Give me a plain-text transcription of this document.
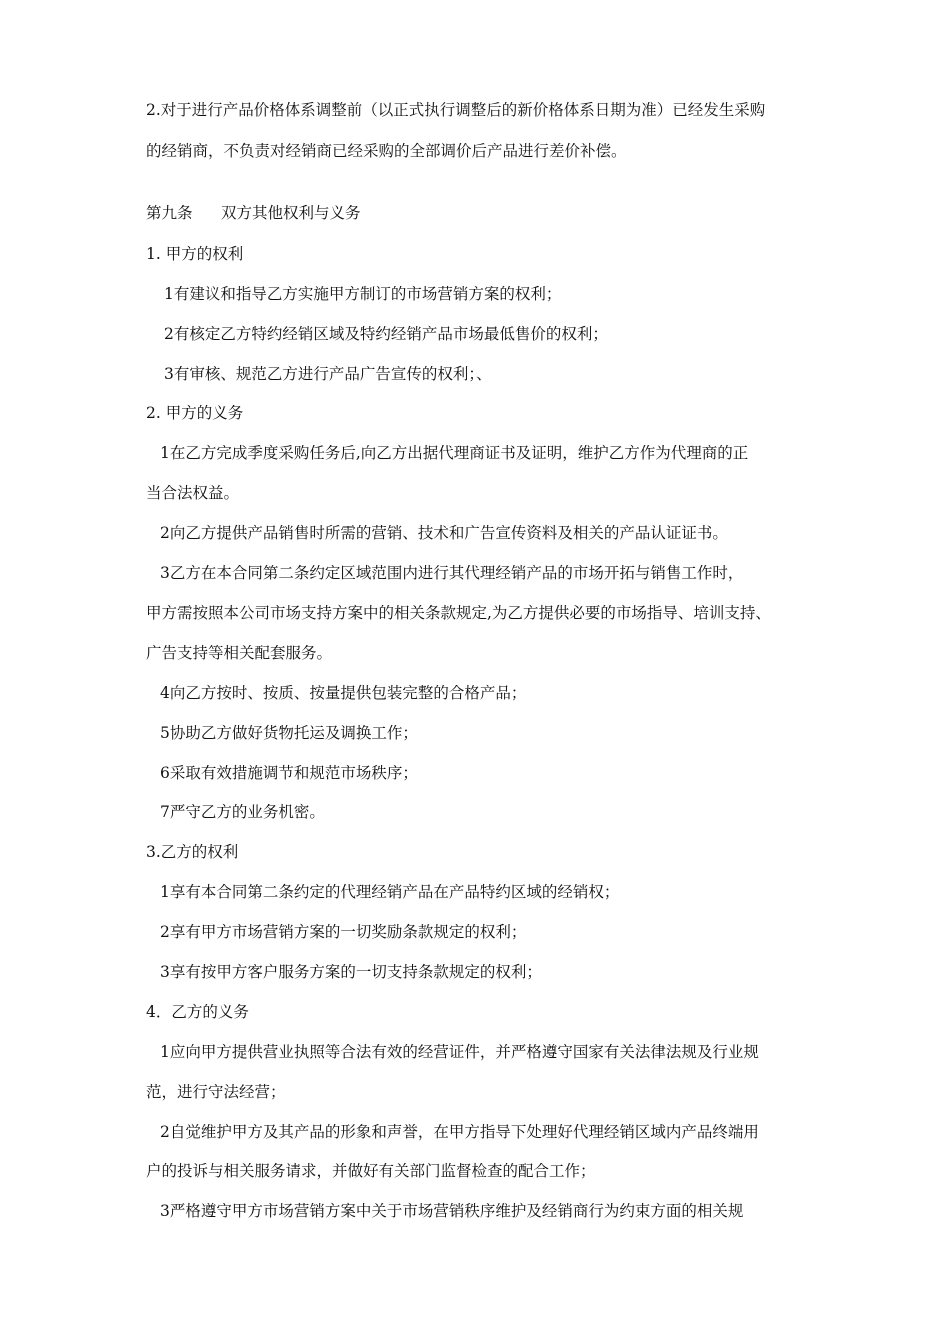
2.对于进行产品价格体系调整前（以正式执行调整后的新价格体系日期为准）已经发生采购
的经销商，不负责对经销商已经采购的全部调价后产品进行差价补偿。
第九条 双方其他权利与义务
1. 甲方的权利
1有建议和指导乙方实施甲方制订的市场营销方案的权利；
2有核定乙方特约经销区域及特约经销产品市场最低售价的权利；
3有审核、规范乙方进行产品广告宣传的权利；、
2. 甲方的义务
1在乙方完成季度采购任务后,向乙方出据代理商证书及证明，维护乙方作为代理商的正
当合法权益。
2向乙方提供产品销售时所需的营销、技术和广告宣传资料及相关的产品认证证书。
3乙方在本合同第二条约定区域范围内进行其代理经销产品的市场开拓与销售工作时，
甲方需按照本公司市场支持方案中的相关条款规定,为乙方提供必要的市场指导、培训支持、
广告支持等相关配套服务。
4向乙方按时、按质、按量提供包装完整的合格产品；
5协助乙方做好货物托运及调换工作；
6采取有效措施调节和规范市场秩序；
7严守乙方的业务机密。
3.乙方的权利
1享有本合同第二条约定的代理经销产品在产品特约区域的经销权；
2享有甲方市场营销方案的一切奖励条款规定的权利；
3享有按甲方客户服务方案的一切支持条款规定的权利；
4．乙方的义务
1应向甲方提供营业执照等合法有效的经营证件，并严格遵守国家有关法律法规及行业规
范，进行守法经营；
2自觉维护甲方及其产品的形象和声誉，在甲方指导下处理好代理经销区域内产品终端用
户的投诉与相关服务请求，并做好有关部门监督检查的配合工作；
3严格遵守甲方市场营销方案中关于市场营销秩序维护及经销商行为约束方面的相关规
